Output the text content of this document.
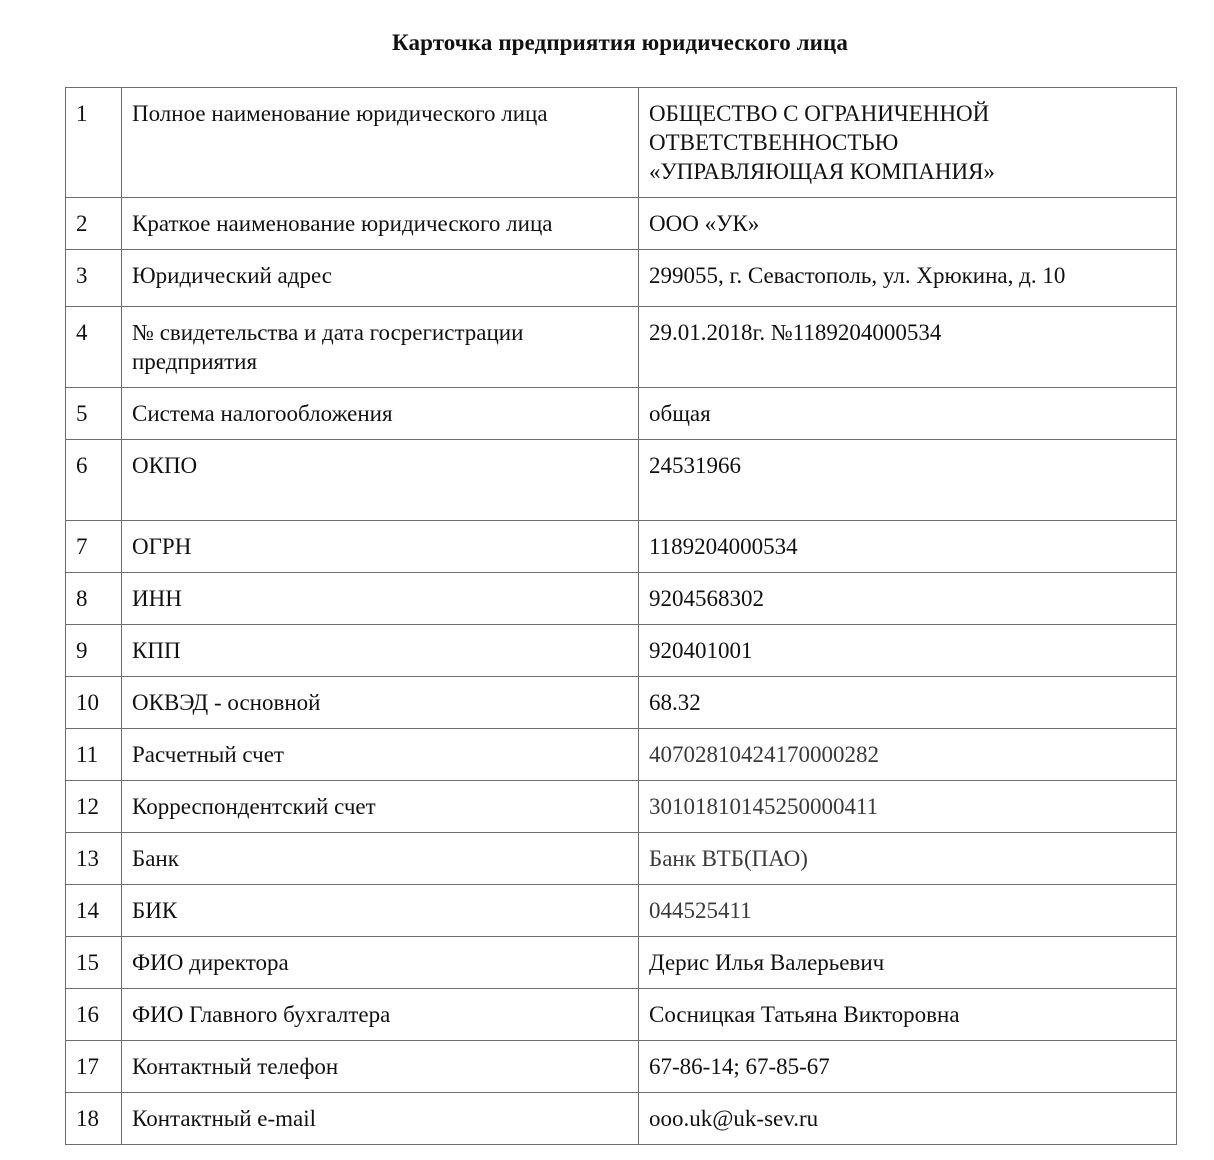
Карточка предприятия юридического лица
1	Полное наименование юридического лица	ОБЩЕСТВО С ОГРАНИЧЕННОЙ
ОТВЕТСТВЕННОСТЬЮ
«УПРАВЛЯЮЩАЯ КОМПАНИЯ»

2	Краткое наименование юридического лица	ООО «УК»
3	Юридический адрес	299055, г. Севастополь, ул. Хрюкина, д. 10
4	№ свидетельства и дата госрегистрации предприятия	29.01.2018г. №1189204000534
5	Система налогообложения	общая
6	ОКПО	24531966
7	ОГРН	1189204000534
8	ИНН	9204568302
9	КПП	920401001
10	ОКВЭД - основной	68.32
11	Расчетный счет	40702810424170000282
12	Корреспондентский счет	30101810145250000411
13	Банк	Банк ВТБ(ПАО)
14	БИК	044525411
15	ФИО директора	Дерис Илья Валерьевич
16	ФИО Главного бухгалтера	Сосницкая Татьяна Викторовна
17	Контактный телефон	67-86-14; 67-85-67
18	Контактный e-mail	ooo.uk@uk-sev.ru
